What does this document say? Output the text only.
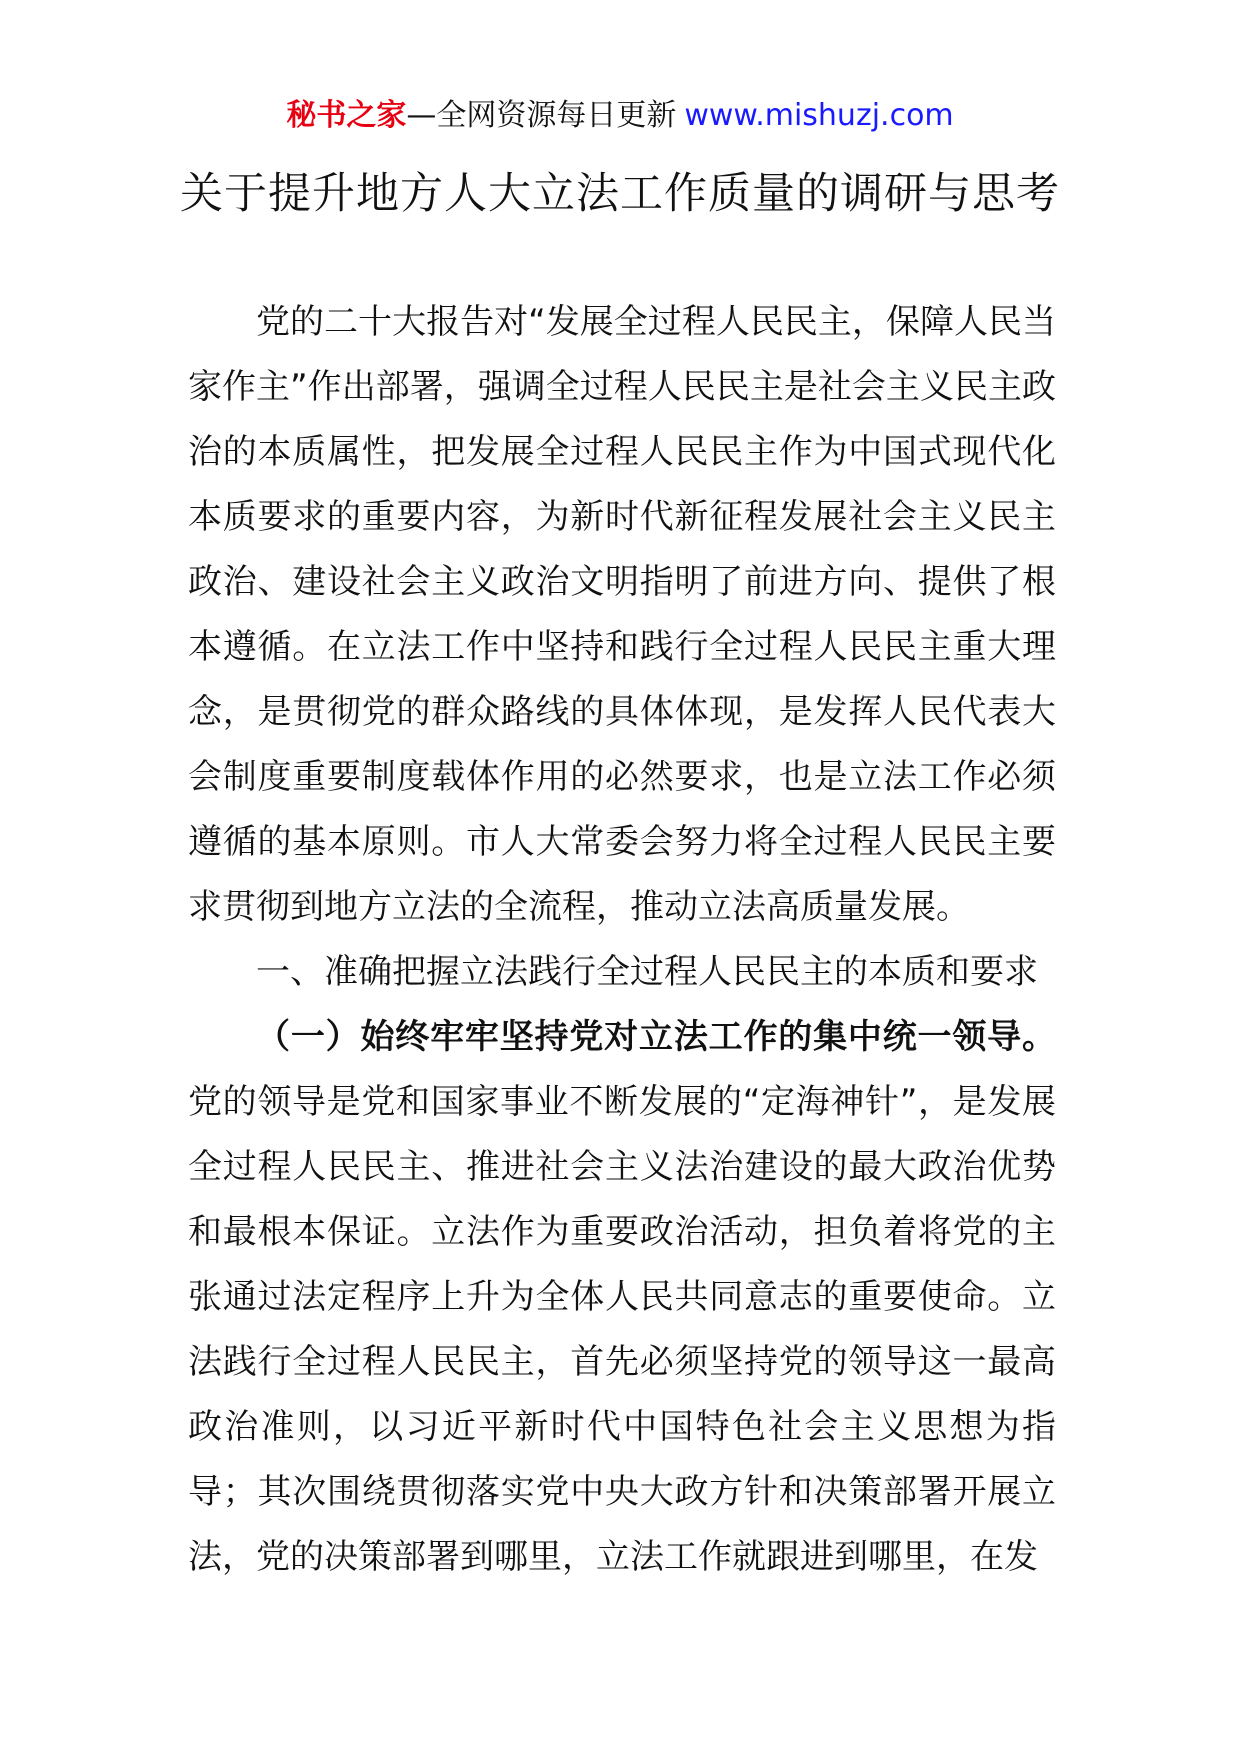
秘书之家—全网资源每日更新 www.mishuzj.com
关于提升地方人大立法工作质量的调研与思考

党的二十大报告对“发展全过程人民民主，保障人民当家作主”作出部署，强调全过程人民民主是社会主义民主政治的本质属性，把发展全过程人民民主作为中国式现代化本质要求的重要内容，为新时代新征程发展社会主义民主政治、建设社会主义政治文明指明了前进方向、提供了根本遵循。在立法工作中坚持和践行全过程人民民主重大理念，是贯彻党的群众路线的具体体现，是发挥人民代表大会制度重要制度载体作用的必然要求，也是立法工作必须遵循的基本原则。市人大常委会努力将全过程人民民主要求贯彻到地方立法的全流程，推动立法高质量发展。

一、准确把握立法践行全过程人民民主的本质和要求

（一）始终牢牢坚持党对立法工作的集中统一领导。党的领导是党和国家事业不断发展的“定海神针”，是发展全过程人民民主、推进社会主义法治建设的最大政治优势和最根本保证。立法作为重要政治活动，担负着将党的主张通过法定程序上升为全体人民共同意志的重要使命。立法践行全过程人民民主，首先必须坚持党的领导这一最高政治准则，以习近平新时代中国特色社会主义思想为指导；其次围绕贯彻落实党中央大政方针和决策部署开展立法，党的决策部署到哪里，立法工作就跟进到哪里，在发
